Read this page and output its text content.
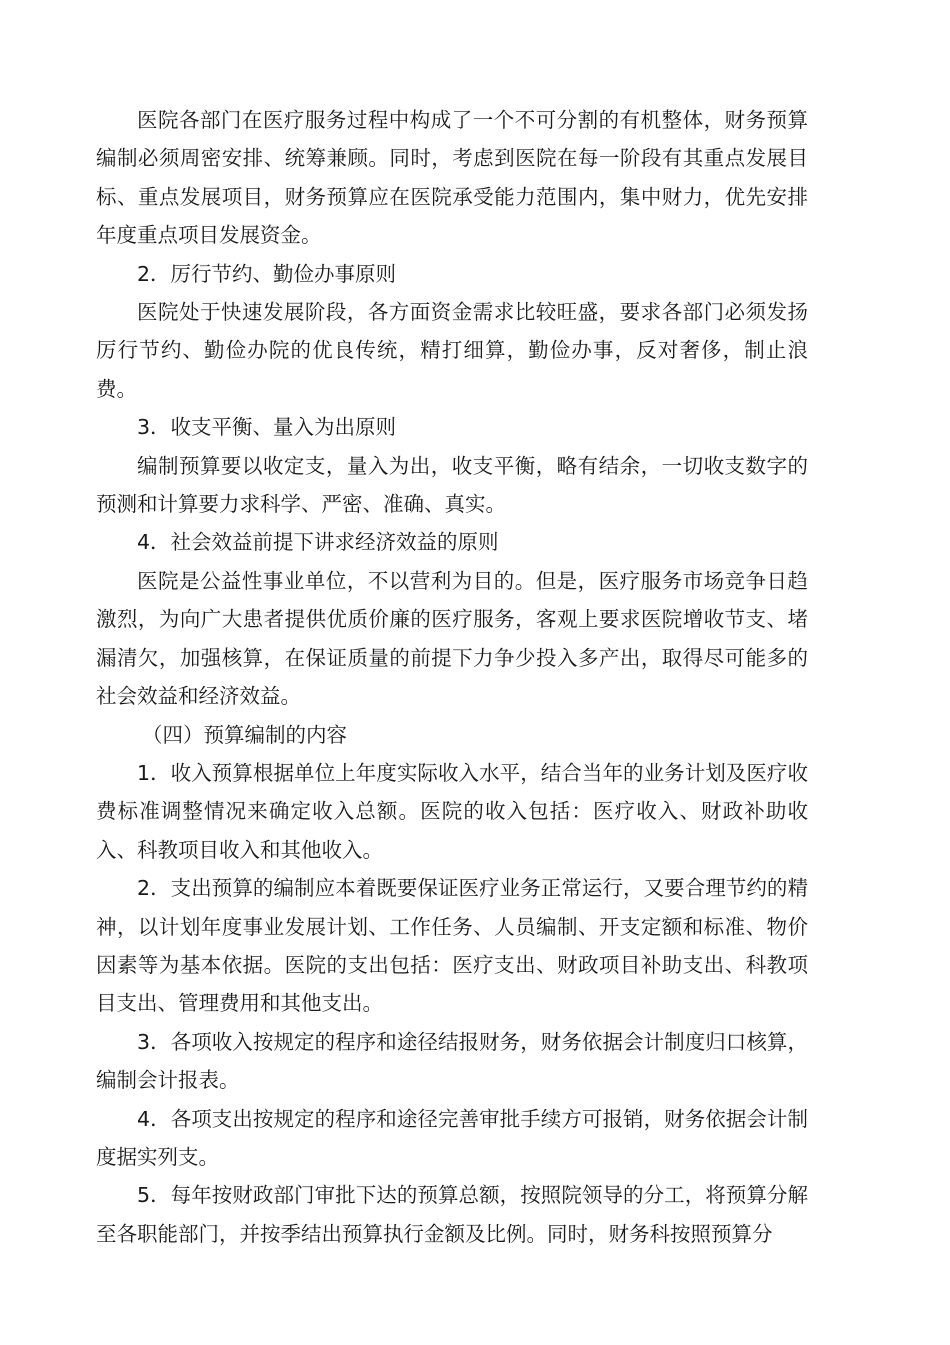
医院各部门在医疗服务过程中构成了一个不可分割的有机整体，财务预算编制必须周密安排、统筹兼顾。同时，考虑到医院在每一阶段有其重点发展目标、重点发展项目，财务预算应在医院承受能力范围内，集中财力，优先安排年度重点项目发展资金。

2．厉行节约、勤俭办事原则

医院处于快速发展阶段，各方面资金需求比较旺盛，要求各部门必须发扬厉行节约、勤俭办院的优良传统，精打细算，勤俭办事，反对奢侈，制止浪费。

3．收支平衡、量入为出原则

编制预算要以收定支，量入为出，收支平衡，略有结余，一切收支数字的预测和计算要力求科学、严密、准确、真实。

4．社会效益前提下讲求经济效益的原则

医院是公益性事业单位，不以营利为目的。但是，医疗服务市场竞争日趋激烈，为向广大患者提供优质价廉的医疗服务，客观上要求医院增收节支、堵漏清欠，加强核算，在保证质量的前提下力争少投入多产出，取得尽可能多的社会效益和经济效益。

（四）预算编制的内容

1．收入预算根据单位上年度实际收入水平，结合当年的业务计划及医疗收费标准调整情况来确定收入总额。医院的收入包括：医疗收入、财政补助收入、科教项目收入和其他收入。

2．支出预算的编制应本着既要保证医疗业务正常运行，又要合理节约的精神，以计划年度事业发展计划、工作任务、人员编制、开支定额和标准、物价因素等为基本依据。医院的支出包括：医疗支出、财政项目补助支出、科教项目支出、管理费用和其他支出。

3．各项收入按规定的程序和途径结报财务，财务依据会计制度归口核算，编制会计报表。

4．各项支出按规定的程序和途径完善审批手续方可报销，财务依据会计制度据实列支。

5．每年按财政部门审批下达的预算总额，按照院领导的分工，将预算分解至各职能部门，并按季结出预算执行金额及比例。同时，财务科按照预算分
